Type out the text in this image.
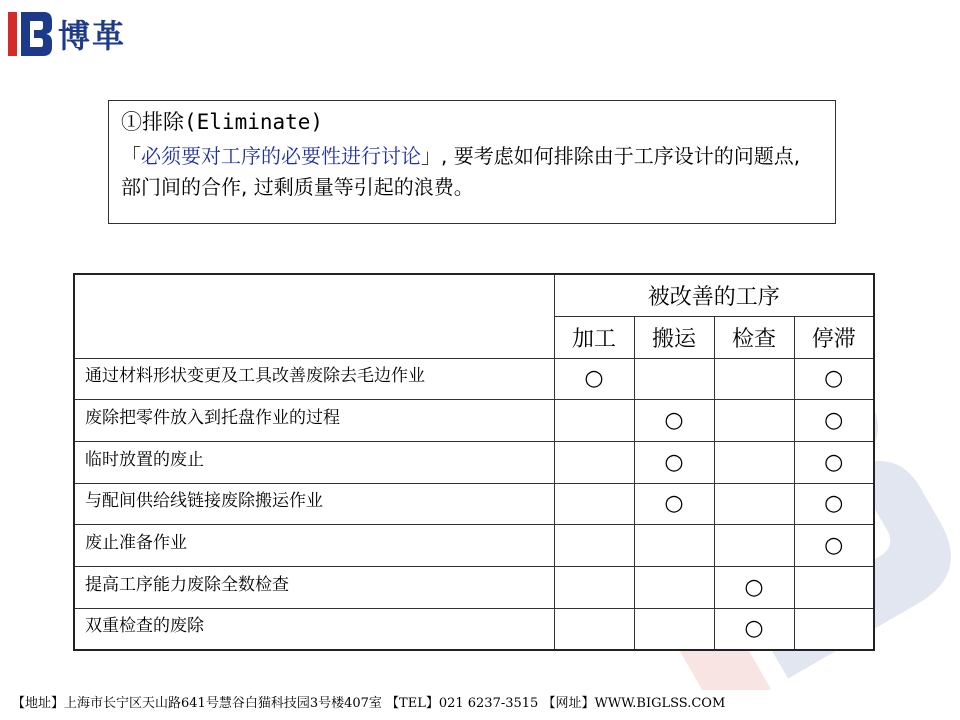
博革
①排除(Eliminate)
「必须要对工序的必要性进行讨论」, 要考虑如何排除由于工序设计的问题点, 部门间的合作, 过剩质量等引起的浪费。
	被改善的工序			
	加工	搬运	检查	停滞
通过材料形状变更及工具改善废除去毛边作业	○			○
废除把零件放入到托盘作业的过程		○		○
临时放置的废止		○		○
与配间供给线链接废除搬运作业		○		○
废止准备作业				○
提高工序能力废除全数检查			○	
双重检查的废除			○	
【地址】上海市长宁区天山路641号慧谷白猫科技园3号楼407室 【TEL】021 6237-3515 【网址】WWW.BIGLSS.COM
